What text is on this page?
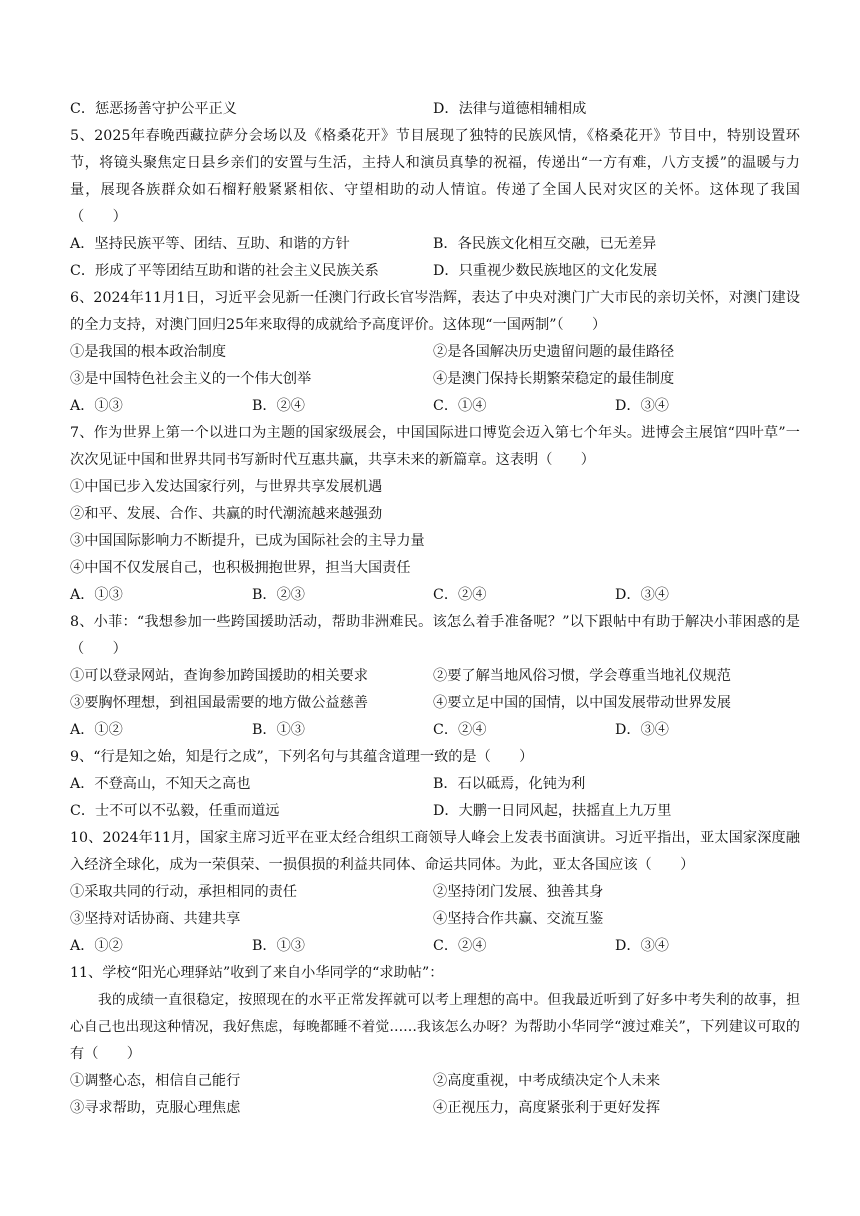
C．惩恶扬善守护公平正义	D．法律与道德相辅相成
5、2025年春晚西藏拉萨分会场以及《格桑花开》节目展现了独特的民族风情，《格桑花开》节目中，特别设置环节，将镜头聚焦定日县乡亲们的安置与生活，主持人和演员真挚的祝福，传递出“一方有难，八方支援”的温暖与力量，展现各族群众如石榴籽般紧紧相依、守望相助的动人情谊。传递了全国人民对灾区的关怀。这体现了我国（　　）
A．坚持民族平等、团结、互助、和谐的方针	B．各民族文化相互交融，已无差异
C．形成了平等团结互助和谐的社会主义民族关系	D．只重视少数民族地区的文化发展
6、2024年11月1日，习近平会见新一任澳门行政长官岑浩辉，表达了中央对澳门广大市民的亲切关怀，对澳门建设的全力支持，对澳门回归25年来取得的成就给予高度评价。这体现“一国两制”（　　）
①是我国的根本政治制度	②是各国解决历史遗留问题的最佳路径
③是中国特色社会主义的一个伟大创举	④是澳门保持长期繁荣稳定的最佳制度
A．①③	B．②④	C．①④	D．③④
7、作为世界上第一个以进口为主题的国家级展会，中国国际进口博览会迈入第七个年头。进博会主展馆“四叶草”一次次见证中国和世界共同书写新时代互惠共赢，共享未来的新篇章。这表明（　　）
①中国已步入发达国家行列，与世界共享发展机遇
②和平、发展、合作、共赢的时代潮流越来越强劲
③中国国际影响力不断提升，已成为国际社会的主导力量
④中国不仅发展自己，也积极拥抱世界，担当大国责任
A．①③	B．②③	C．②④	D．③④
8、小菲：“我想参加一些跨国援助活动，帮助非洲难民。该怎么着手准备呢？”以下跟帖中有助于解决小菲困惑的是（　　）
①可以登录网站，查询参加跨国援助的相关要求	②要了解当地风俗习惯，学会尊重当地礼仪规范
③要胸怀理想，到祖国最需要的地方做公益慈善	④要立足中国的国情，以中国发展带动世界发展
A．①②	B．①③	C．②④	D．③④
9、“行是知之始，知是行之成”，下列名句与其蕴含道理一致的是（　　）
A．不登高山，不知天之高也	B．石以砥焉，化钝为利
C．士不可以不弘毅，任重而道远	D．大鹏一日同风起，扶摇直上九万里
10、2024年11月，国家主席习近平在亚太经合组织工商领导人峰会上发表书面演讲。习近平指出，亚太国家深度融入经济全球化，成为一荣俱荣、一损俱损的利益共同体、命运共同体。为此，亚太各国应该（　　）
①采取共同的行动，承担相同的责任	②坚持闭门发展、独善其身
③坚持对话协商、共建共享	④坚持合作共赢、交流互鉴
A．①②	B．①③	C．②④	D．③④
11、学校“阳光心理驿站”收到了来自小华同学的“求助帖”：
我的成绩一直很稳定，按照现在的水平正常发挥就可以考上理想的高中。但我最近听到了好多中考失利的故事，担心自己也出现这种情况，我好焦虑，每晚都睡不着觉……我该怎么办呀？为帮助小华同学“渡过难关”，下列建议可取的有（　　）
①调整心态，相信自己能行	②高度重视，中考成绩决定个人未来
③寻求帮助，克服心理焦虑	④正视压力，高度紧张利于更好发挥
